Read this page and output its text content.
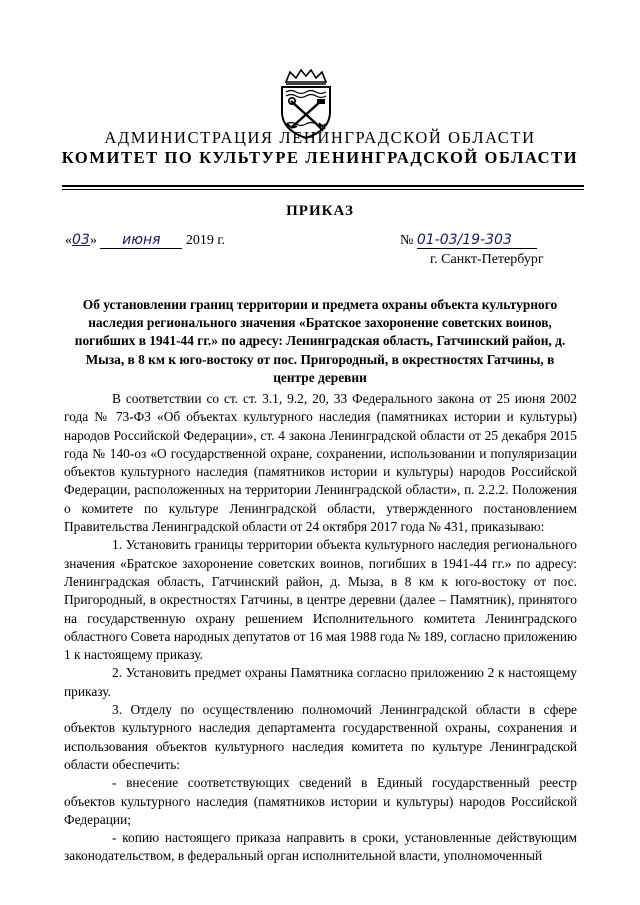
АДМИНИСТРАЦИЯ ЛЕНИНГРАДСКОЙ ОБЛАСТИ
КОМИТЕТ ПО КУЛЬТУРЕ ЛЕНИНГРАДСКОЙ ОБЛАСТИ
ПРИКАЗ
«03» июня 2019 г.	№ 01-03/19-303
г. Санкт-Петербург
Об установлении границ территории и предмета охраны объекта культурного наследия регионального значения «Братское захоронение советских воинов, погибших в 1941-44 гг.» по адресу: Ленинградская область, Гатчинский район, д. Мыза, в 8 км к юго-востоку от пос. Пригородный, в окрестностях Гатчины, в центре деревни

В соответствии со ст. ст. 3.1, 9.2, 20, 33 Федерального закона от 25 июня 2002 года № 73-ФЗ «Об объектах культурного наследия (памятниках истории и культуры) народов Российской Федерации», ст. 4 закона Ленинградской области от 25 декабря 2015 года № 140-оз «О государственной охране, сохранении, использовании и популяризации объектов культурного наследия (памятников истории и культуры) народов Российской Федерации, расположенных на территории Ленинградской области», п. 2.2.2. Положения о комитете по культуре Ленинградской области, утвержденного постановлением Правительства Ленинградской области от 24 октября 2017 года № 431, приказываю:

1. Установить границы территории объекта культурного наследия регионального значения «Братское захоронение советских воинов, погибших в 1941-44 гг.» по адресу: Ленинградская область, Гатчинский район, д. Мыза, в 8 км к юго-востоку от пос. Пригородный, в окрестностях Гатчины, в центре деревни (далее – Памятник), принятого на государственную охрану решением Исполнительного комитета Ленинградского областного Совета народных депутатов от 16 мая 1988 года № 189, согласно приложению 1 к настоящему приказу.

2. Установить предмет охраны Памятника согласно приложению 2 к настоящему приказу.

3. Отделу по осуществлению полномочий Ленинградской области в сфере объектов культурного наследия департамента государственной охраны, сохранения и использования объектов культурного наследия комитета по культуре Ленинградской области обеспечить:

- внесение соответствующих сведений в Единый государственный реестр объектов культурного наследия (памятников истории и культуры) народов Российской Федерации;

- копию настоящего приказа направить в сроки, установленные действующим законодательством, в федеральный орган исполнительной власти, уполномоченный
